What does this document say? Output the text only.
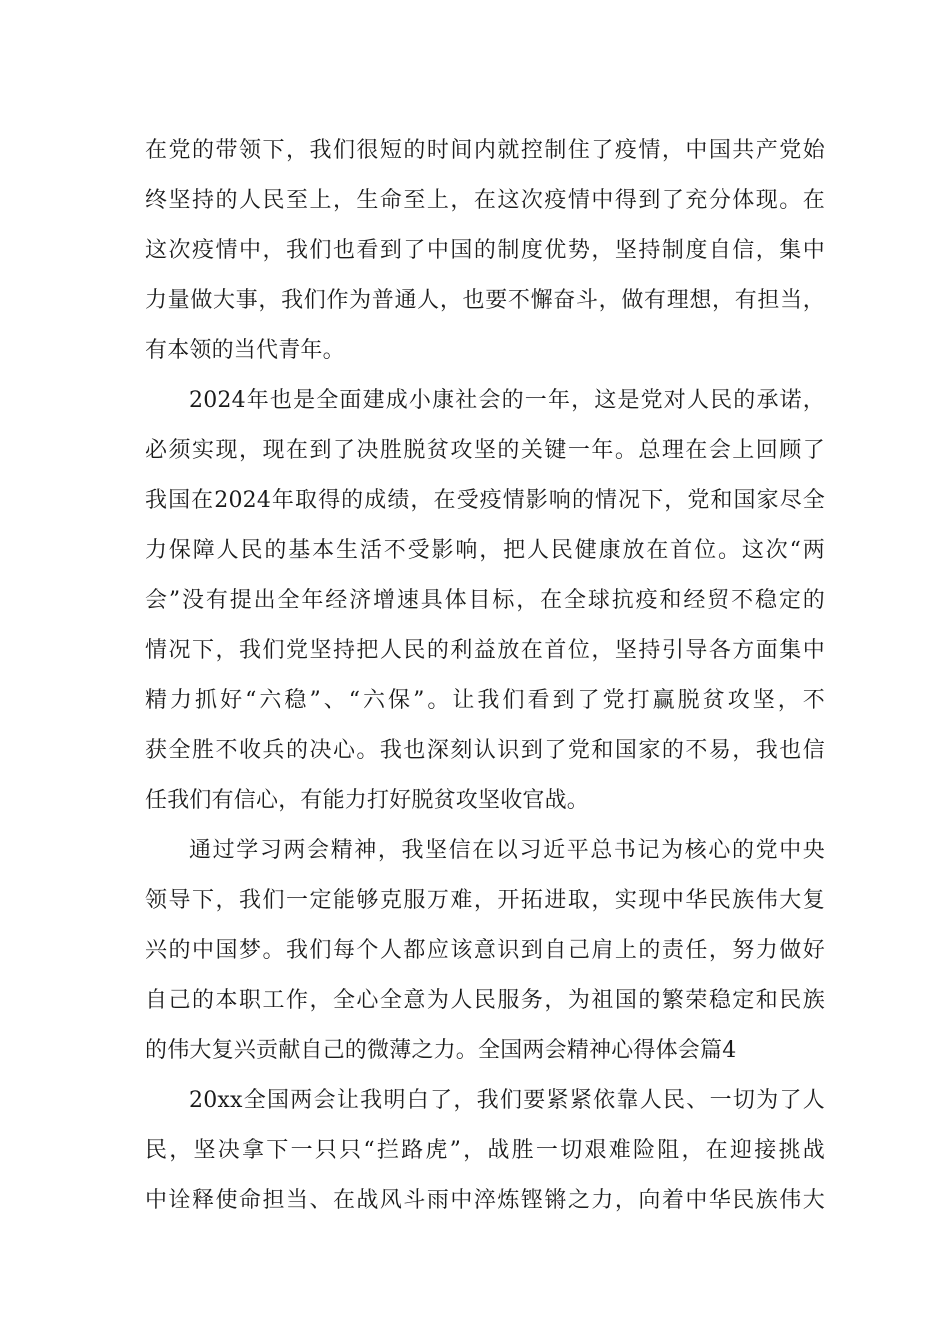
在党的带领下，我们很短的时间内就控制住了疫情，中国共产党始
终坚持的人民至上，生命至上，在这次疫情中得到了充分体现。在
这次疫情中，我们也看到了中国的制度优势，坚持制度自信，集中
力量做大事，我们作为普通人，也要不懈奋斗，做有理想，有担当，
有本领的当代青年。
2024年也是全面建成小康社会的一年，这是党对人民的承诺，
必须实现，现在到了决胜脱贫攻坚的关键一年。总理在会上回顾了
我国在2024年取得的成绩，在受疫情影响的情况下，党和国家尽全
力保障人民的基本生活不受影响，把人民健康放在首位。这次“两
会”没有提出全年经济增速具体目标，在全球抗疫和经贸不稳定的
情况下，我们党坚持把人民的利益放在首位，坚持引导各方面集中
精力抓好“六稳”、“六保”。让我们看到了党打赢脱贫攻坚，不
获全胜不收兵的决心。我也深刻认识到了党和国家的不易，我也信
任我们有信心，有能力打好脱贫攻坚收官战。
通过学习两会精神，我坚信在以习近平总书记为核心的党中央
领导下，我们一定能够克服万难，开拓进取，实现中华民族伟大复
兴的中国梦。我们每个人都应该意识到自己肩上的责任，努力做好
自己的本职工作，全心全意为人民服务，为祖国的繁荣稳定和民族
的伟大复兴贡献自己的微薄之力。全国两会精神心得体会篇4
20xx全国两会让我明白了，我们要紧紧依靠人民、一切为了人
民，坚决拿下一只只“拦路虎”，战胜一切艰难险阻，在迎接挑战
中诠释使命担当、在战风斗雨中淬炼铿锵之力，向着中华民族伟大
